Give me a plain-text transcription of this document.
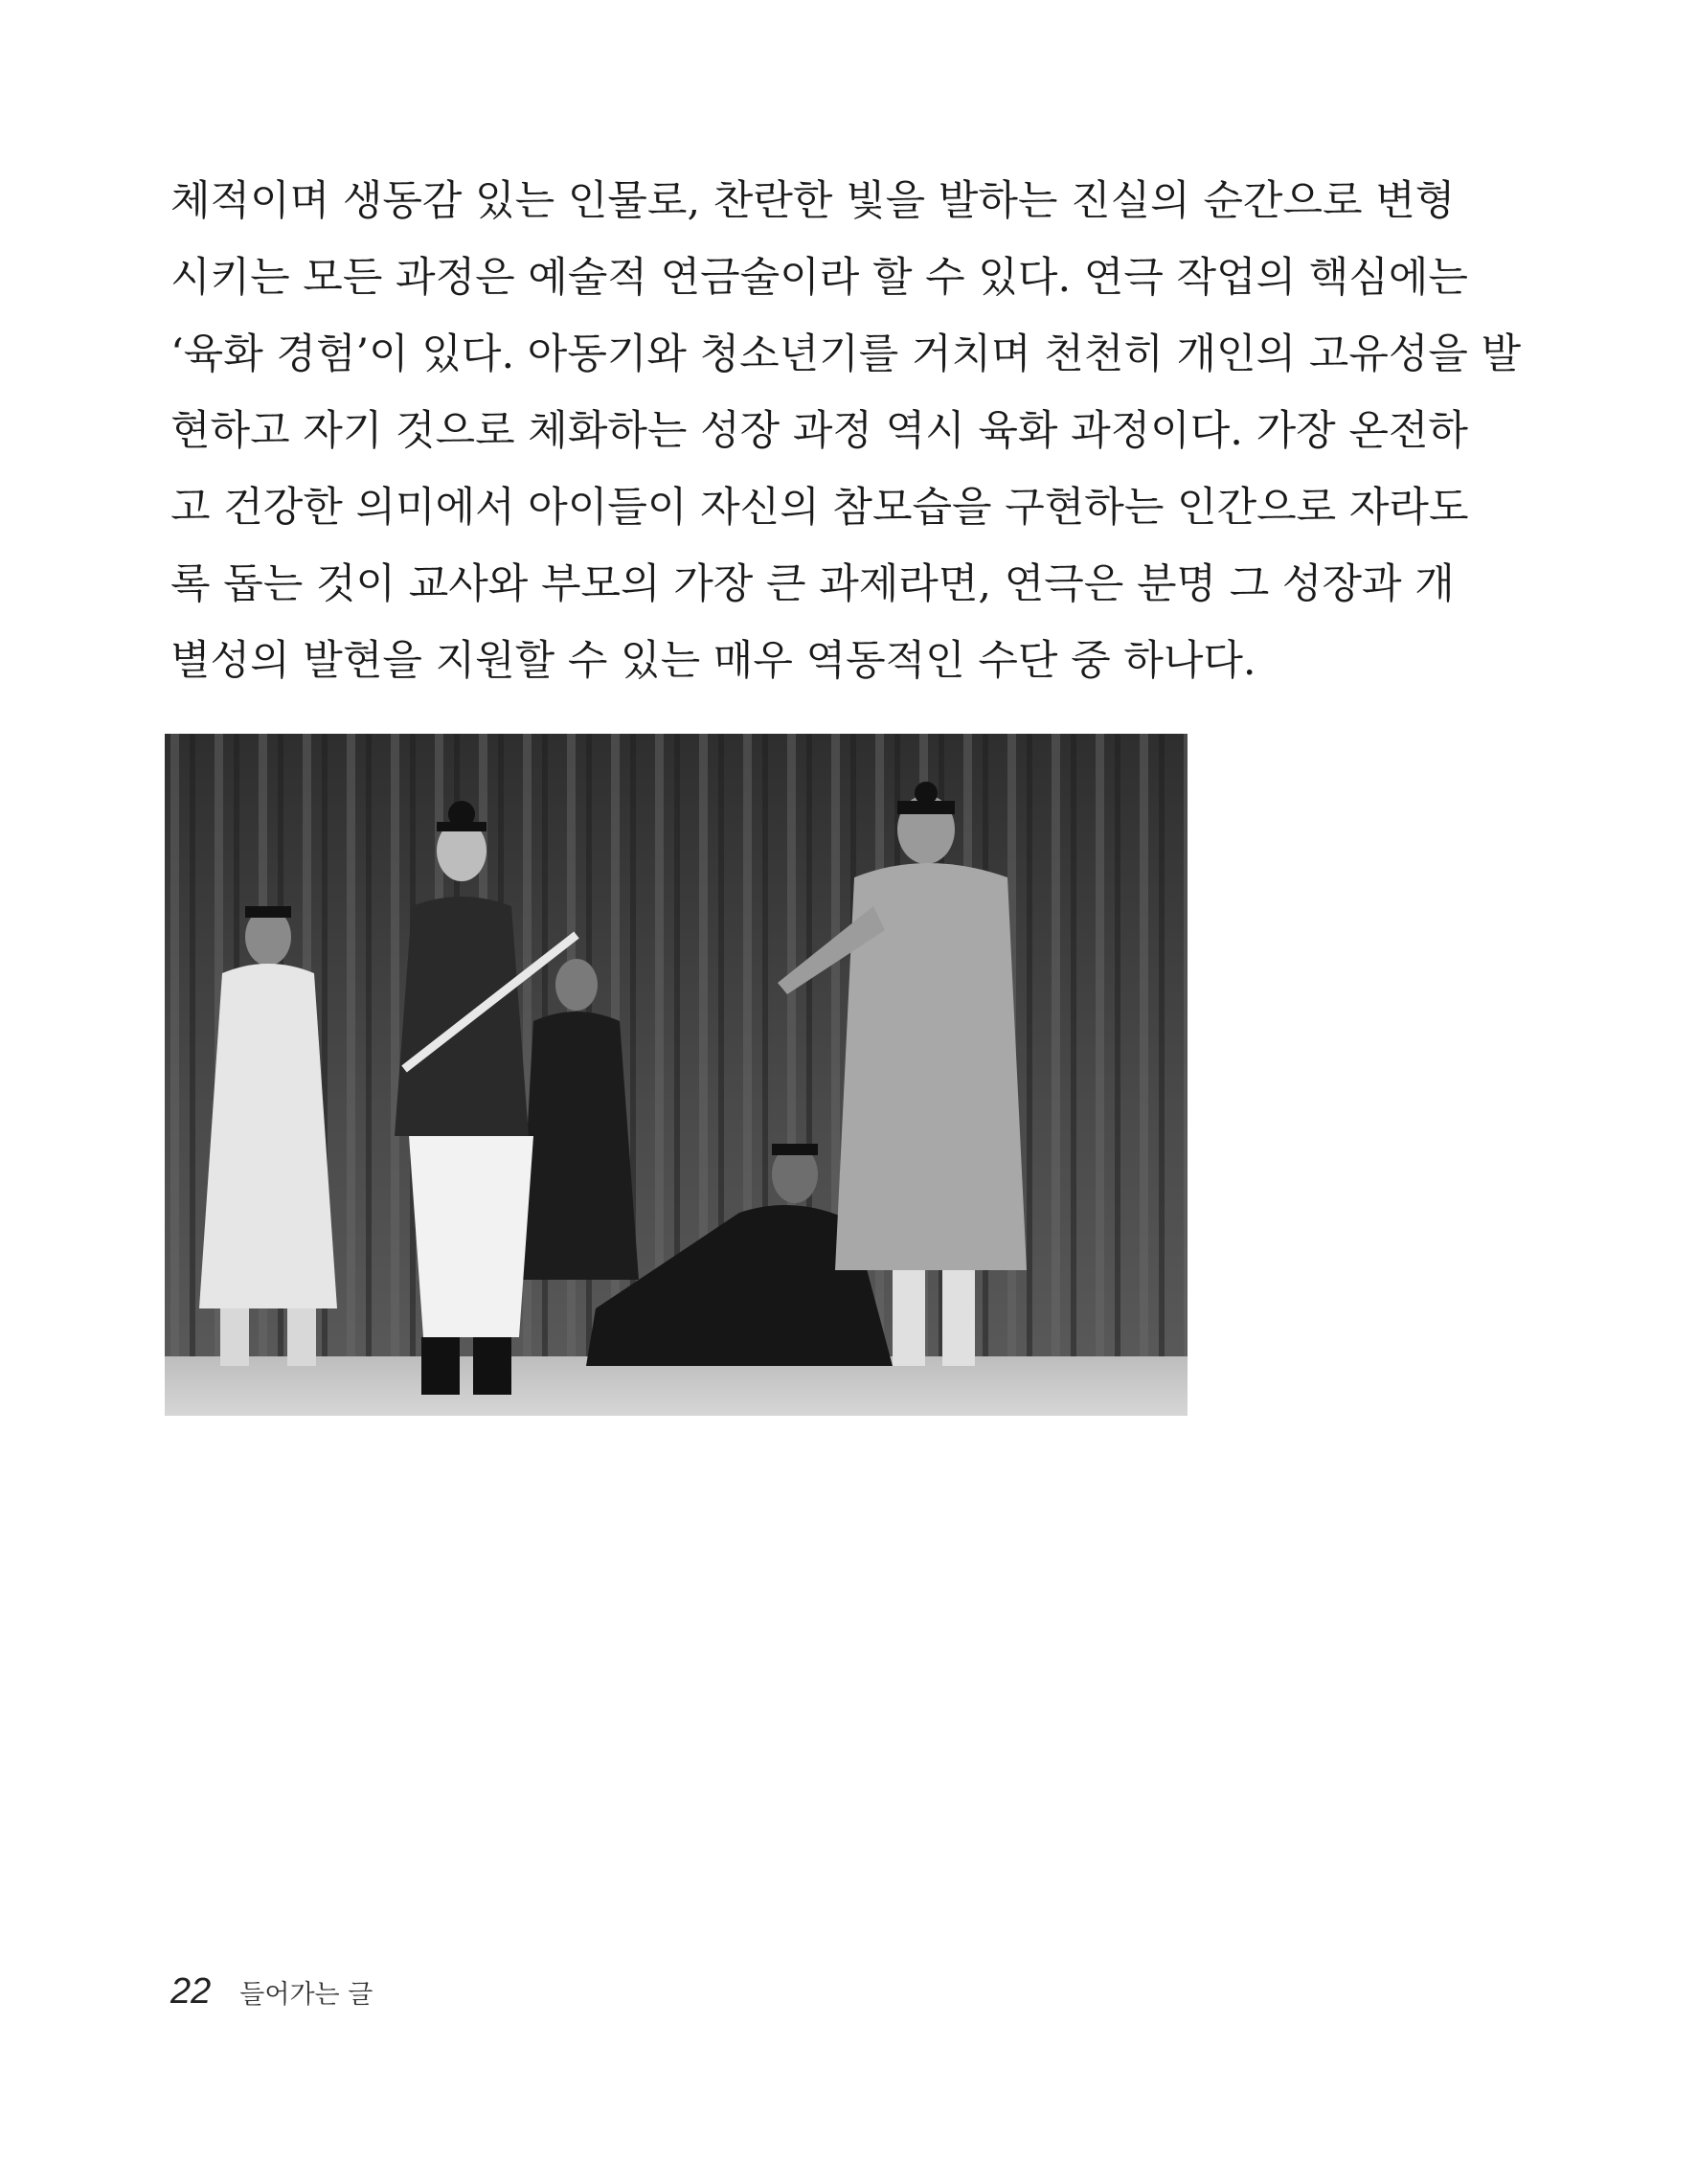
체적이며 생동감 있는 인물로, 찬란한 빛을 발하는 진실의 순간으로 변형
시키는 모든 과정은 예술적 연금술이라 할 수 있다. 연극 작업의 핵심에는
‘육화 경험’이 있다. 아동기와 청소년기를 거치며 천천히 개인의 고유성을 발
현하고 자기 것으로 체화하는 성장 과정 역시 육화 과정이다. 가장 온전하
고 건강한 의미에서 아이들이 자신의 참모습을 구현하는 인간으로 자라도
록 돕는 것이 교사와 부모의 가장 큰 과제라면, 연극은 분명 그 성장과 개
별성의 발현을 지원할 수 있는 매우 역동적인 수단 중 하나다.
22 들어가는 글
